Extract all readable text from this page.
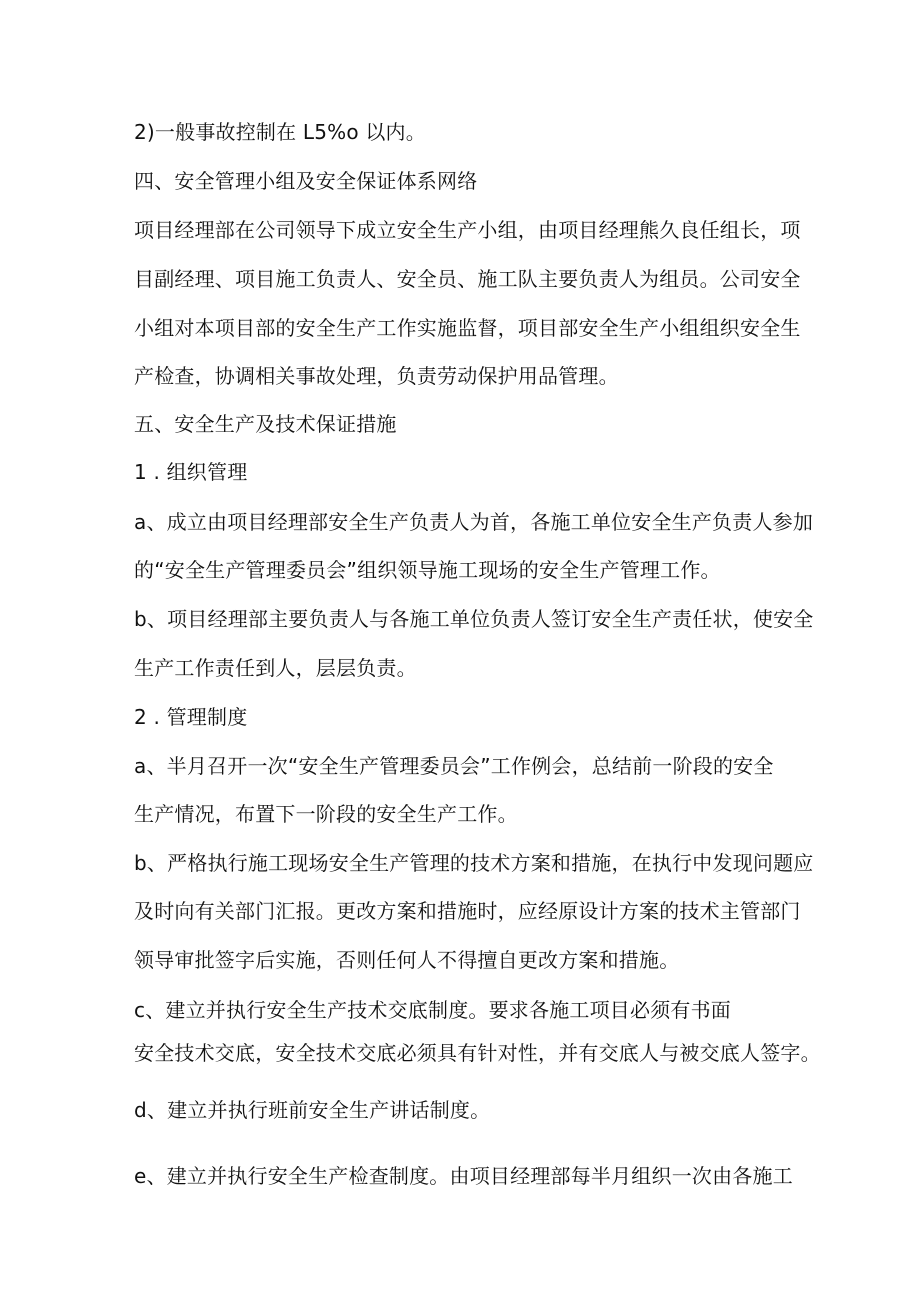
2)一般事故控制在 L5%o 以内。
四、安全管理小组及安全保证体系网络
项目经理部在公司领导下成立安全生产小组，由项目经理熊久良任组长，项
目副经理、项目施工负责人、安全员、施工队主要负责人为组员。公司安全
小组对本项目部的安全生产工作实施监督，项目部安全生产小组组织安全生
产检查，协调相关事故处理，负责劳动保护用品管理。
五、安全生产及技术保证措施
1 . 组织管理
a、成立由项目经理部安全生产负责人为首，各施工单位安全生产负责人参加
的“安全生产管理委员会”组织领导施工现场的安全生产管理工作。
b、项目经理部主要负责人与各施工单位负责人签订安全生产责任状，使安全
生产工作责任到人，层层负责。
2 . 管理制度
a、半月召开一次“安全生产管理委员会”工作例会，总结前一阶段的安全
生产情况，布置下一阶段的安全生产工作。
b、严格执行施工现场安全生产管理的技术方案和措施，在执行中发现问题应
及时向有关部门汇报。更改方案和措施时，应经原设计方案的技术主管部门
领导审批签字后实施，否则任何人不得擅自更改方案和措施。
c、建立并执行安全生产技术交底制度。要求各施工项目必须有书面
安全技术交底，安全技术交底必须具有针对性，并有交底人与被交底人签字。
d、建立并执行班前安全生产讲话制度。
e、建立并执行安全生产检查制度。由项目经理部每半月组织一次由各施工
